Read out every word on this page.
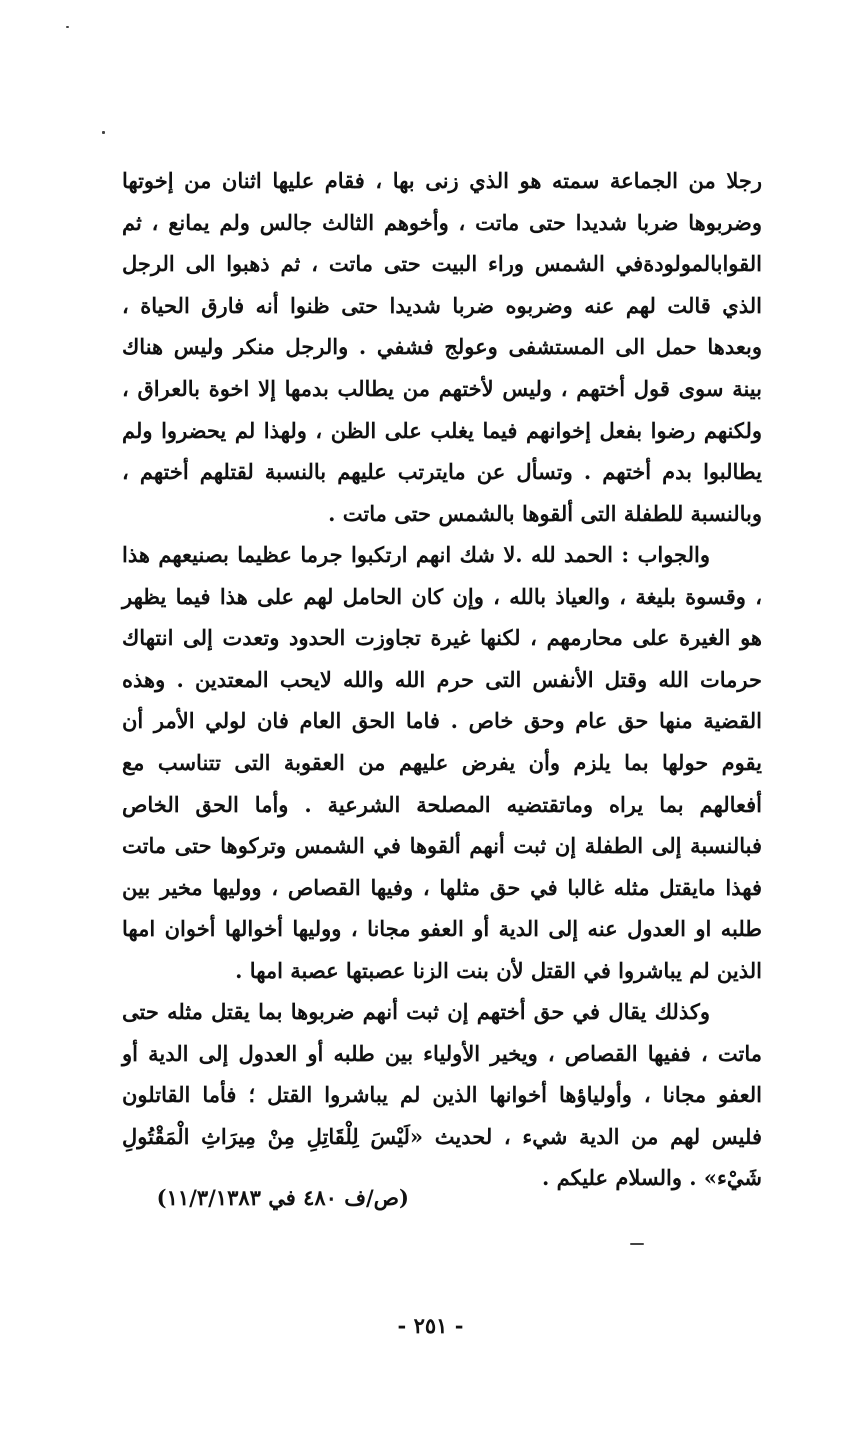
رجلا من الجماعة سمته هو الذي زنى بها ، فقام عليها اثنان من إخوتها وضربوها ضربا شديدا حتى ماتت ، وأخوهم الثالث جالس ولم يمانع ، ثم القوابالمولودةفي الشمس وراء البيت حتى ماتت ، ثم ذهبوا الى الرجل الذي قالت لهم عنه وضربوه ضربا شديدا حتى ظنوا أنه فارق الحياة ، وبعدها حمل الى المستشفى وعولج فشفي . والرجل منكر وليس هناك بينة سوى قول أختهم ، وليس لأختهم من يطالب بدمها إلا اخوة بالعراق ، ولكنهم رضوا بفعل إخوانهم فيما يغلب على الظن ، ولهذا لم يحضروا ولم يطالبوا بدم أختهم . وتسأل عن مايترتب عليهم بالنسبة لقتلهم أختهم ، وبالنسبة للطفلة التى ألقوها بالشمس حتى ماتت .

والجواب : الحمد لله .لا شك انهم ارتكبوا جرما عظيما بصنيعهم هذا ، وقسوة بليغة ، والعياذ بالله ، وإن كان الحامل لهم على هذا فيما يظهر هو الغيرة على محارمهم ، لكنها غيرة تجاوزت الحدود وتعدت إلى انتهاك حرمات الله وقتل الأنفس التى حرم الله والله لايحب المعتدين . وهذه القضية منها حق عام وحق خاص . فاما الحق العام فان لولي الأمر أن يقوم حولها بما يلزم وأن يفرض عليهم من العقوبة التى تتناسب مع أفعالهم بما يراه وماتقتضيه المصلحة الشرعية . وأما الحق الخاص فبالنسبة إلى الطفلة إن ثبت أنهم ألقوها في الشمس وتركوها حتى ماتت فهذا مايقتل مثله غالبا في حق مثلها ، وفيها القصاص ، ووليها مخير بين طلبه او العدول عنه إلى الدية أو العفو مجانا ، ووليها أخوالها أخوان امها الذين لم يباشروا في القتل لأن بنت الزنا عصبتها عصبة امها .

وكذلك يقال في حق أختهم إن ثبت أنهم ضربوها بما يقتل مثله حتى ماتت ، ففيها القصاص ، ويخير الأولياء بين طلبه أو العدول إلى الدية أو العفو مجانا ، وأولياؤها أخوانها الذين لم يباشروا القتل ؛ فأما القاتلون فليس لهم من الدية شيء ، لحديث «لَيْسَ لِلْقَاتِلِ مِنْ مِيرَاثِ الْمَقْتُولِ شَيْء» . والسلام عليكم .

(ص/ف ٤٨٠ في ١١/٣/١٣٨٣)
- ٢٥١ -
